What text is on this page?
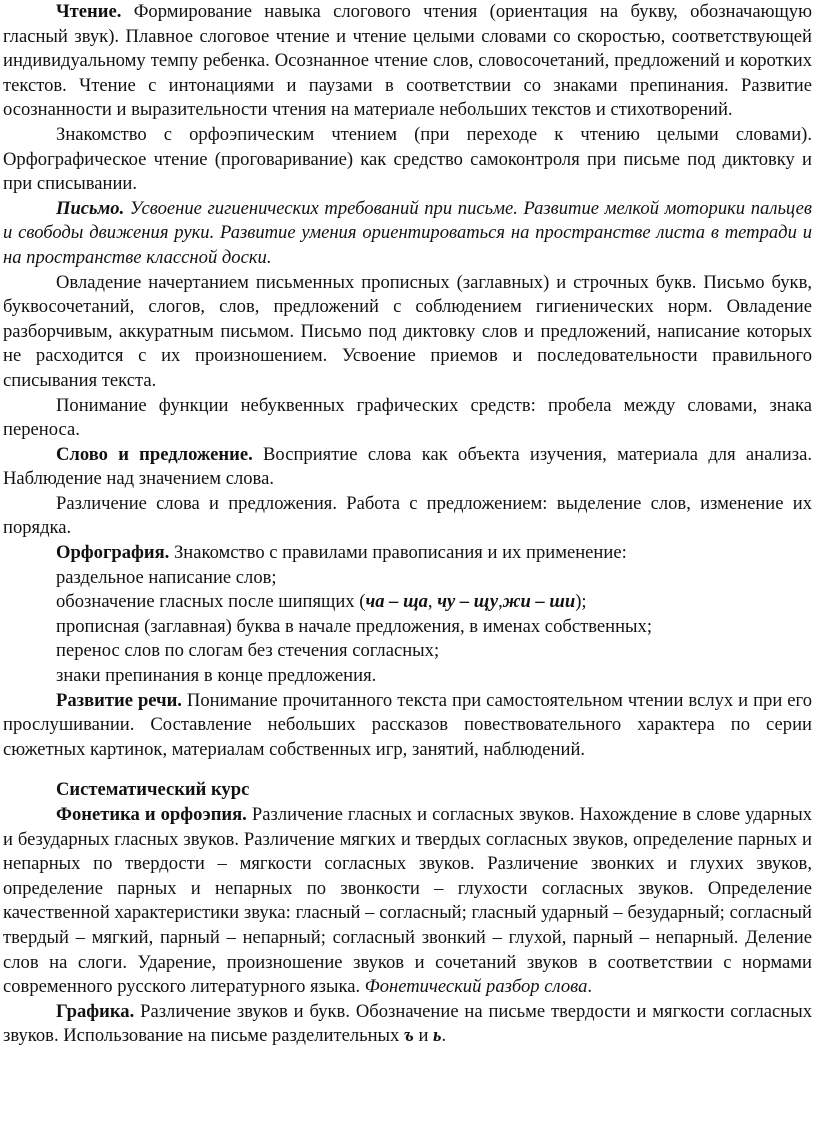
Чтение. Формирование навыка слогового чтения (ориентация на букву, обозначающую гласный звук). Плавное слоговое чтение и чтение целыми словами со скоростью, соответствующей индивидуальному темпу ребенка. Осознанное чтение слов, словосочетаний, предложений и коротких текстов. Чтение с интонациями и паузами в соответствии со знаками препинания. Развитие осознанности и выразительности чтения на материале небольших текстов и стихотворений.

Знакомство с орфоэпическим чтением (при переходе к чтению целыми словами). Орфографическое чтение (проговаривание) как средство самоконтроля при письме под диктовку и при списывании.

Письмо. Усвоение гигиенических требований при письме. Развитие мелкой моторики пальцев и свободы движения руки. Развитие умения ориентироваться на пространстве листа в тетради и на пространстве классной доски.

Овладение начертанием письменных прописных (заглавных) и строчных букв. Письмо букв, буквосочетаний, слогов, слов, предложений с соблюдением гигиенических норм. Овладение разборчивым, аккуратным письмом. Письмо под диктовку слов и предложений, написание которых не расходится с их произношением. Усвоение приемов и последовательности правильного списывания текста.

Понимание функции небуквенных графических средств: пробела между словами, знака переноса.

Слово и предложение. Восприятие слова как объекта изучения, материала для анализа. Наблюдение над значением слова.

Различение слова и предложения. Работа с предложением: выделение слов, изменение их порядка.

Орфография. Знакомство с правилами правописания и их применение:

раздельное написание слов;

обозначение гласных после шипящих (ча – ща, чу – щу,жи – ши);

прописная (заглавная) буква в начале предложения, в именах собственных;

перенос слов по слогам без стечения согласных;

знаки препинания в конце предложения.

Развитие речи. Понимание прочитанного текста при самостоятельном чтении вслух и при его прослушивании. Составление небольших рассказов повествовательного характера по серии сюжетных картинок, материалам собственных игр, занятий, наблюдений.

Систематический курс

Фонетика и орфоэпия. Различение гласных и согласных звуков. Нахождение в слове ударных и безударных гласных звуков. Различение мягких и твердых согласных звуков, определение парных и непарных по твердости – мягкости согласных звуков. Различение звонких и глухих звуков, определение парных и непарных по звонкости – глухости согласных звуков. Определение качественной характеристики звука: гласный – согласный; гласный ударный – безударный; согласный твердый – мягкий, парный – непарный; согласный звонкий – глухой, парный – непарный. Деление слов на слоги. Ударение, произношение звуков и сочетаний звуков в соответствии с нормами современного русского литературного языка. Фонетический разбор слова.

Графика. Различение звуков и букв. Обозначение на письме твердости и мягкости согласных звуков. Использование на письме разделительных ъ и ь.
